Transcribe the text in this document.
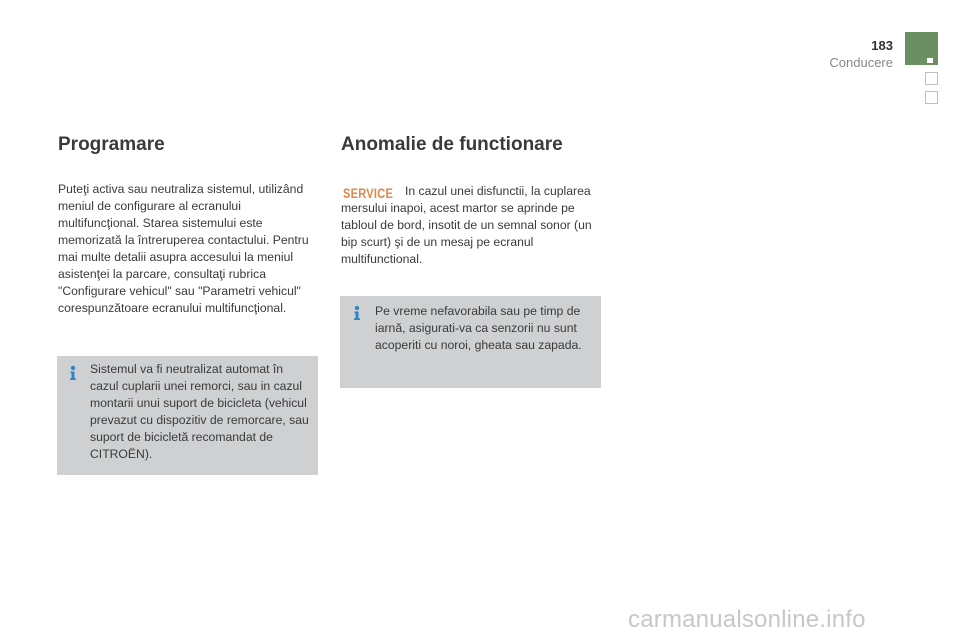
183
Conducere
Programare
Puteţi activa sau neutraliza sistemul, utilizând meniul de configurare al ecranului multifuncţional. Starea sistemului este memorizată la întreruperea contactului. Pentru mai multe detalii asupra accesului la meniul asistenţei la parcare, consultaţi rubrica "Configurare vehicul" sau "Parametri vehicul" corespunzătoare ecranului multifuncţional.
Sistemul va fi neutralizat automat în cazul cuplarii unei remorci, sau in cazul montarii unui suport de bicicleta (vehicul prevazut cu dispozitiv de remorcare, sau suport de bicicletă recomandat de CITROËN).
Anomalie de functionare
SERVICE In cazul unei disfunctii, la cuplarea mersului inapoi, acest martor se aprinde pe tabloul de bord, insotit de un semnal sonor (un bip scurt) şi de un mesaj pe ecranul multifunctional.
Pe vreme nefavorabila sau pe timp de iarnă, asigurati-va ca senzorii nu sunt acoperiti cu noroi, gheata sau zapada.
carmanualsonline.info
